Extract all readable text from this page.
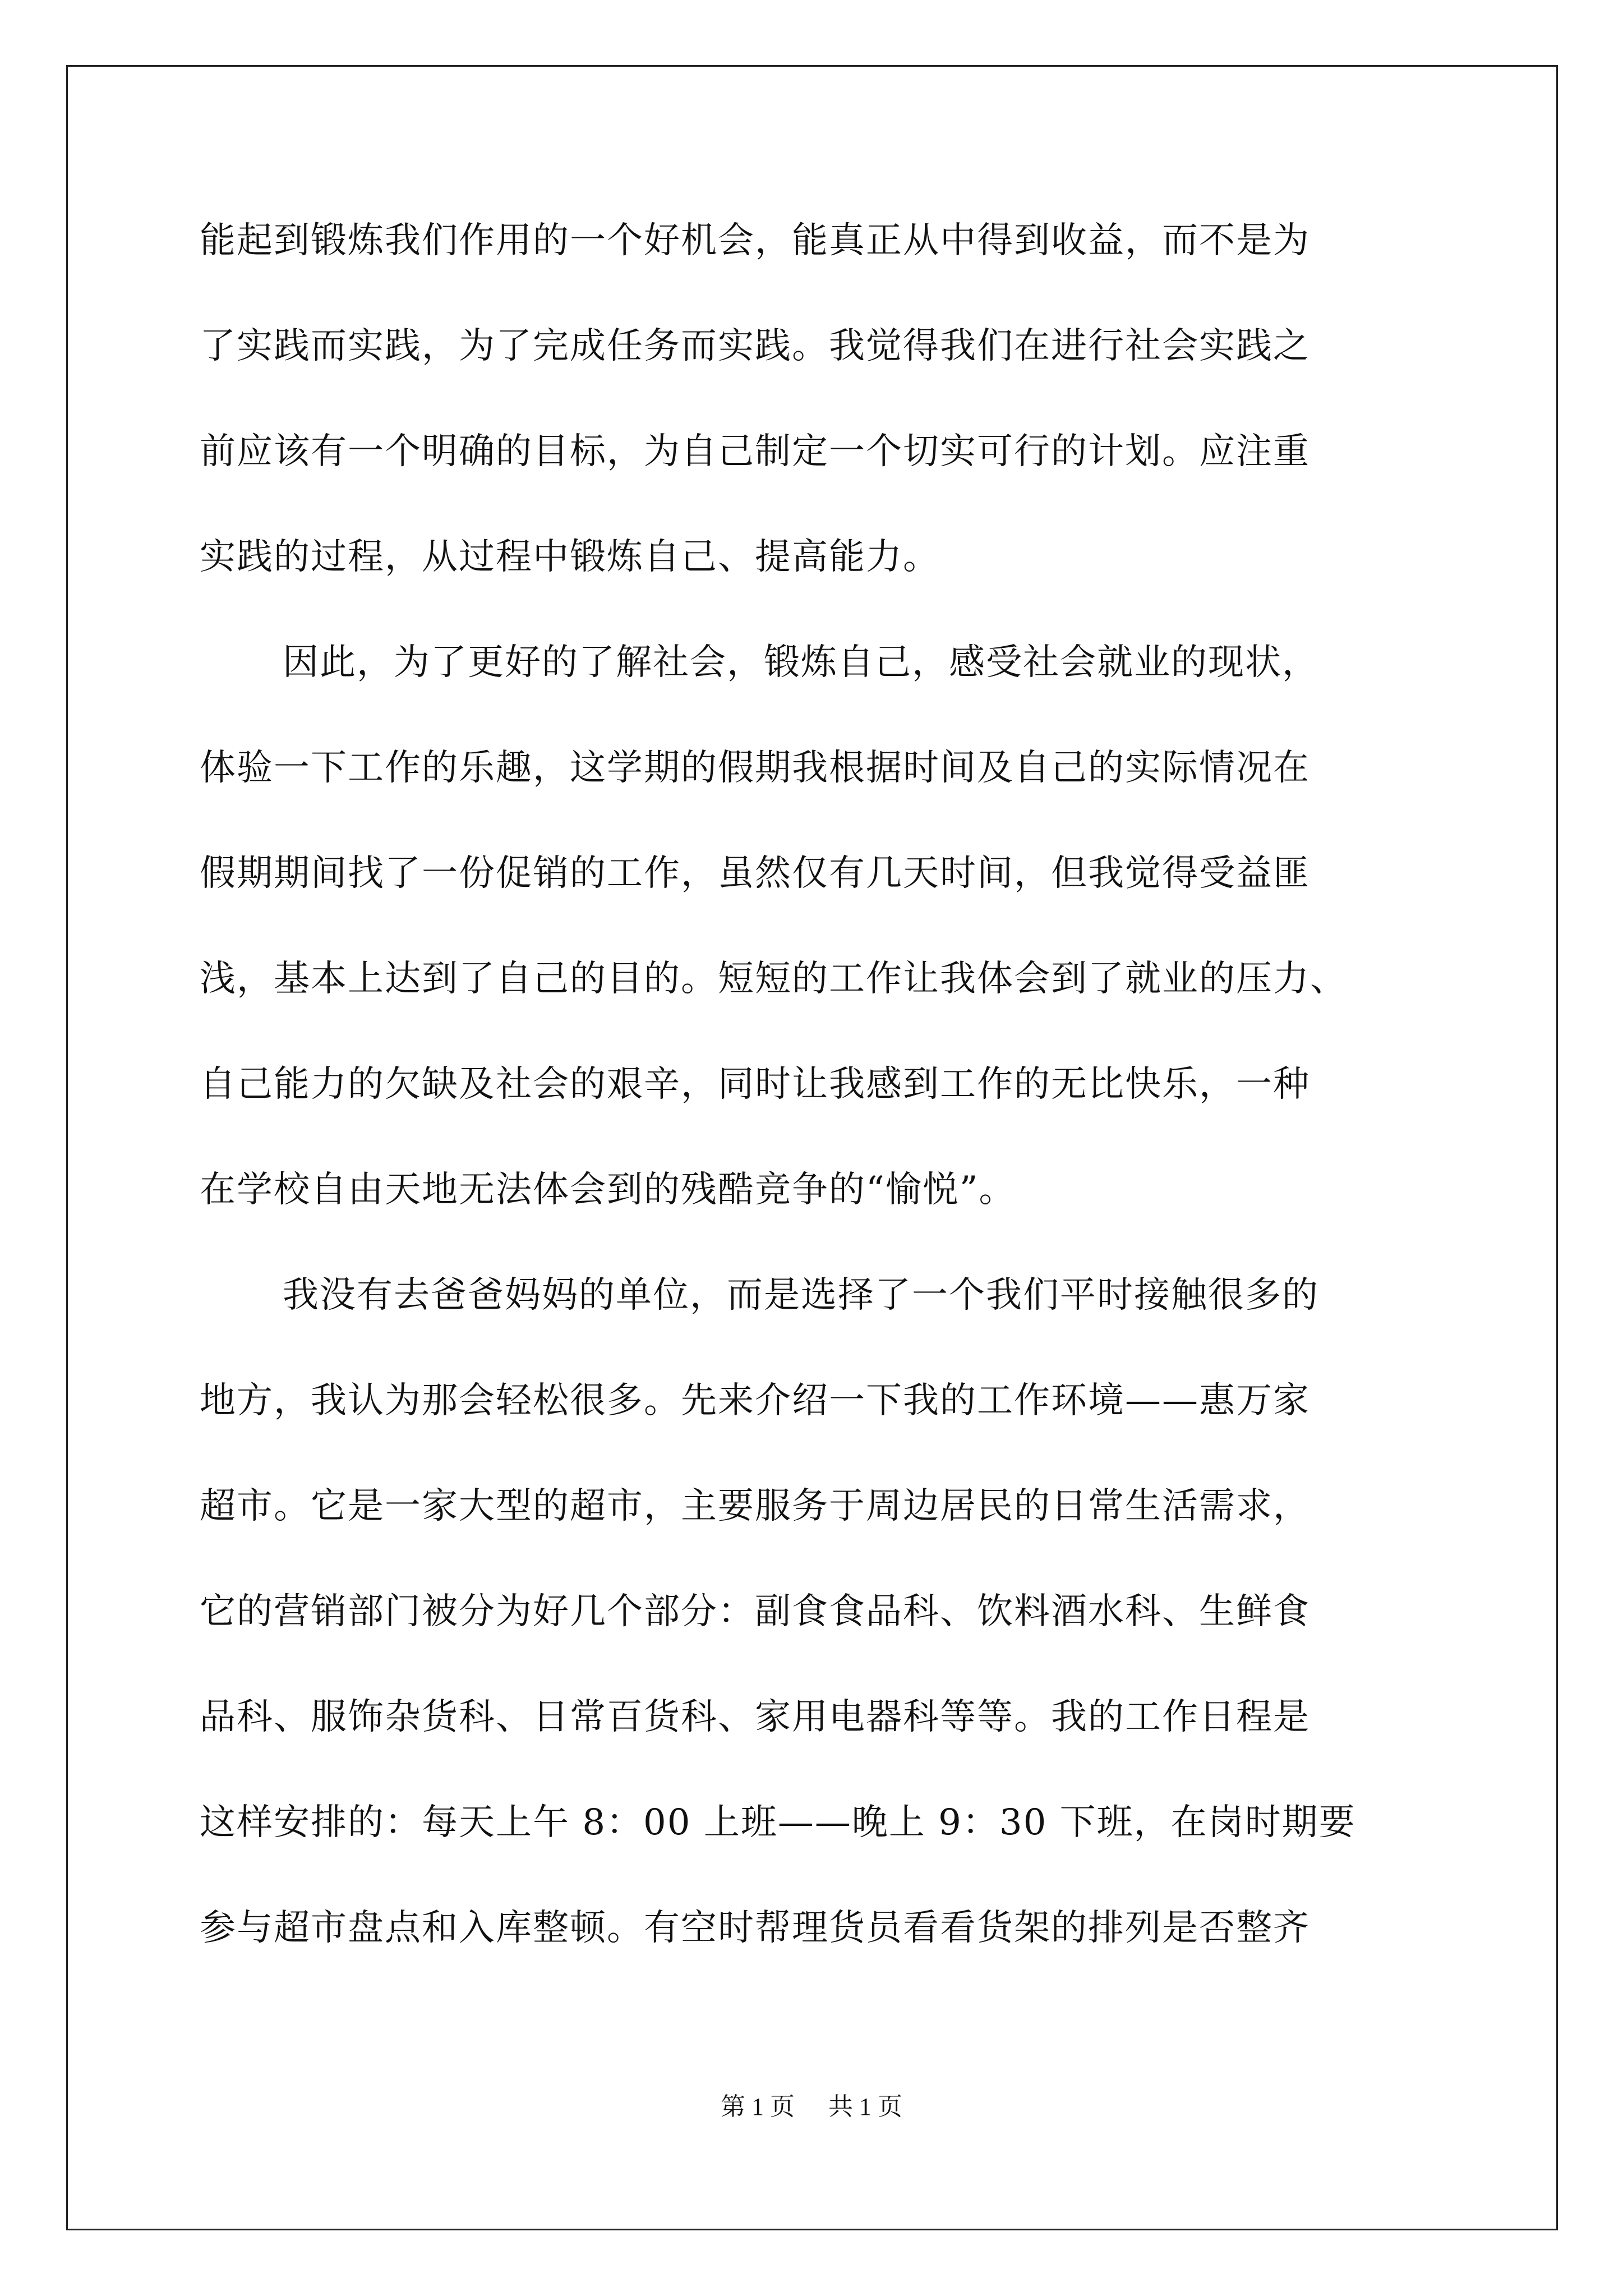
能起到锻炼我们作用的一个好机会，能真正从中得到收益，而不是为
了实践而实践，为了完成任务而实践。我觉得我们在进行社会实践之
前应该有一个明确的目标，为自己制定一个切实可行的计划。应注重
实践的过程，从过程中锻炼自己、提高能力。
因此，为了更好的了解社会，锻炼自己，感受社会就业的现状，
体验一下工作的乐趣，这学期的假期我根据时间及自己的实际情况在
假期期间找了一份促销的工作，虽然仅有几天时间，但我觉得受益匪
浅，基本上达到了自己的目的。短短的工作让我体会到了就业的压力、
自己能力的欠缺及社会的艰辛，同时让我感到工作的无比快乐，一种
在学校自由天地无法体会到的残酷竞争的“愉悦”。
我没有去爸爸妈妈的单位，而是选择了一个我们平时接触很多的
地方，我认为那会轻松很多。先来介绍一下我的工作环境——惠万家
超市。它是一家大型的超市，主要服务于周边居民的日常生活需求，
它的营销部门被分为好几个部分：副食食品科、饮料酒水科、生鲜食
品科、服饰杂货科、日常百货科、家用电器科等等。我的工作日程是
这样安排的：每天上午 8：00 上班——晚上 9：30 下班，在岗时期要
参与超市盘点和入库整顿。有空时帮理货员看看货架的排列是否整齐
第 1 页 共 1 页
